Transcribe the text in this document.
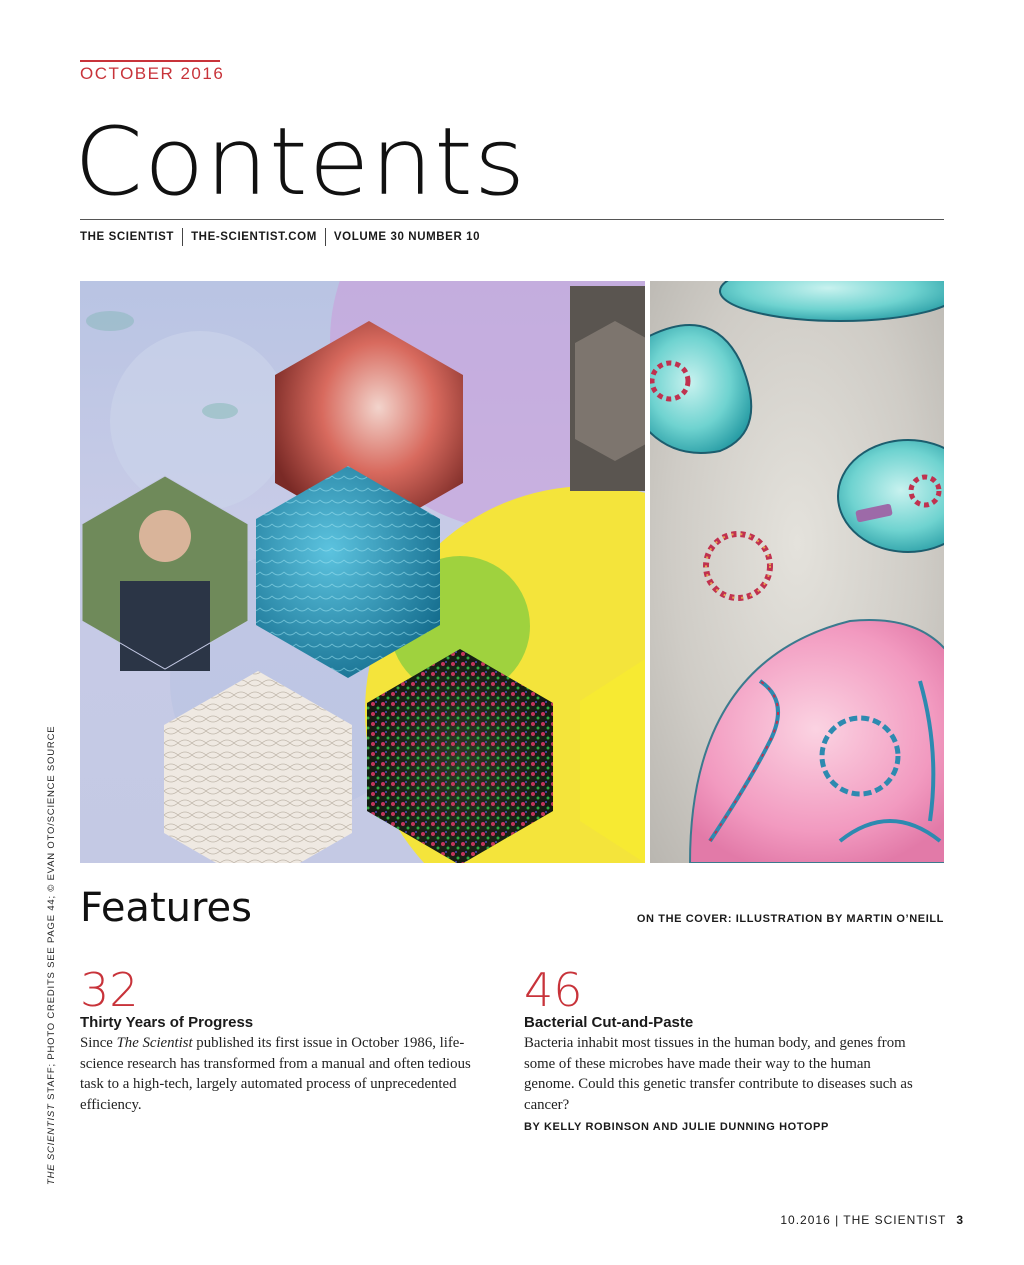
OCTOBER 2016
Contents
THE SCIENTIST THE-SCIENTIST.COM VOLUME 30 NUMBER 10
THE SCIENTIST STAFF; PHOTO CREDITS SEE PAGE 44; © EVAN OTO/SCIENCE SOURCE Features	ON THE COVER: ILLUSTRATION BY MARTIN O’NEILL
32
Thirty Years of Progress

Since The Scientist published its first issue in October 1986, life-science research has transformed from a manual and often tedious task to a high-tech, largely automated process of unprecedented efficiency.

46
Bacterial Cut-and-Paste

Bacteria inhabit most tissues in the human body, and genes from some of these microbes have made their way to the human genome. Could this genetic transfer contribute to diseases such as cancer?

BY KELLY ROBINSON AND JULIE DUNNING HOTOPP
10.2016 | THE SCIENTIST 3
